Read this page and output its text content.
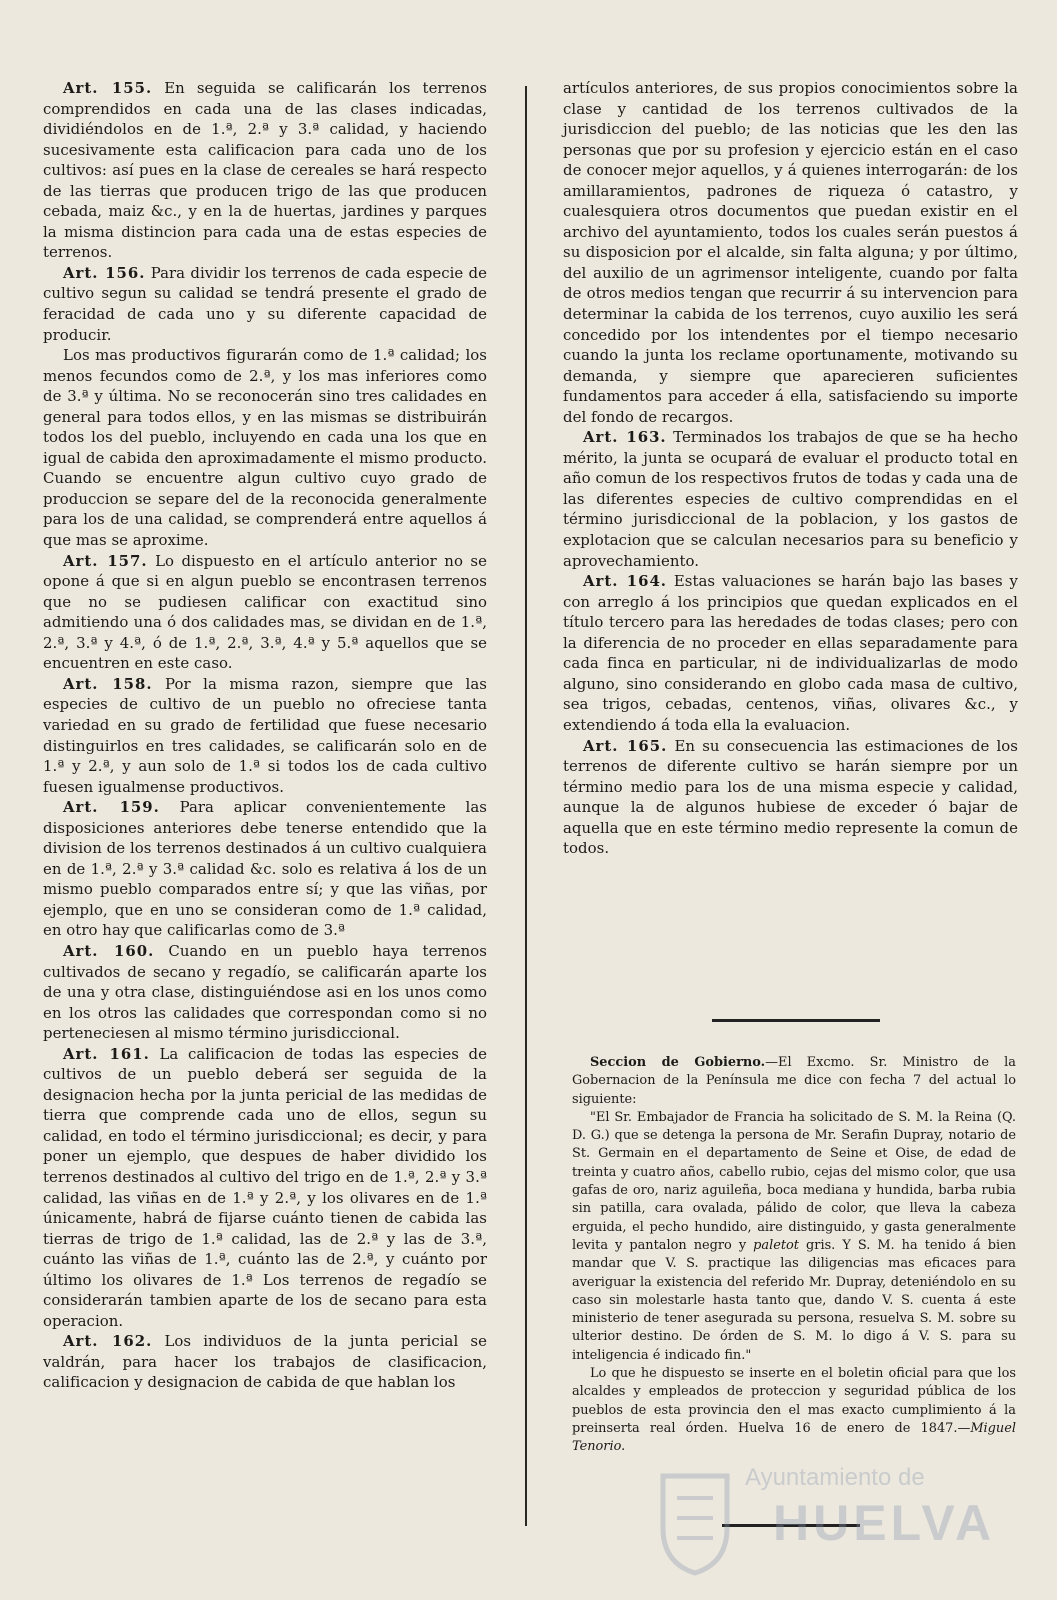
Art. 155. En seguida se calificarán los terrenos comprendidos en cada una de las clases indicadas, dividiéndolos en de 1.ª, 2.ª y 3.ª calidad, y haciendo sucesivamente esta calificacion para cada uno de los cultivos: así pues en la clase de cereales se hará respecto de las tierras que producen trigo de las que producen cebada, maiz &c., y en la de huertas, jardines y parques la misma distincion para cada una de estas especies de terrenos.

Art. 156. Para dividir los terrenos de cada especie de cultivo segun su calidad se tendrá presente el grado de feracidad de cada uno y su diferente capacidad de producir.

Los mas productivos figurarán como de 1.ª calidad; los menos fecundos como de 2.ª, y los mas inferiores como de 3.ª y última. No se reconocerán sino tres calidades en general para todos ellos, y en las mismas se distribuirán todos los del pueblo, incluyendo en cada una los que en igual de cabida den aproximadamente el mismo producto. Cuando se encuentre algun cultivo cuyo grado de produccion se separe del de la reconocida generalmente para los de una calidad, se comprenderá entre aquellos á que mas se aproxime.

Art. 157. Lo dispuesto en el artículo anterior no se opone á que si en algun pueblo se encontrasen terrenos que no se pudiesen calificar con exactitud sino admitiendo una ó dos calidades mas, se dividan en de 1.ª, 2.ª, 3.ª y 4.ª, ó de 1.ª, 2.ª, 3.ª, 4.ª y 5.ª aquellos que se encuentren en este caso.

Art. 158. Por la misma razon, siempre que las especies de cultivo de un pueblo no ofreciese tanta variedad en su grado de fertilidad que fuese necesario distinguirlos en tres calidades, se calificarán solo en de 1.ª y 2.ª, y aun solo de 1.ª si todos los de cada cultivo fuesen igualmense productivos.

Art. 159. Para aplicar convenientemente las disposiciones anteriores debe tenerse entendido que la division de los terrenos destinados á un cultivo cualquiera en de 1.ª, 2.ª y 3.ª calidad &c. solo es relativa á los de un mismo pueblo comparados entre sí; y que las viñas, por ejemplo, que en uno se consideran como de 1.ª calidad, en otro hay que calificarlas como de 3.ª

Art. 160. Cuando en un pueblo haya terrenos cultivados de secano y regadío, se calificarán aparte los de una y otra clase, distinguiéndose asi en los unos como en los otros las calidades que correspondan como si no perteneciesen al mismo término jurisdiccional.

Art. 161. La calificacion de todas las especies de cultivos de un pueblo deberá ser seguida de la designacion hecha por la junta pericial de las medidas de tierra que comprende cada uno de ellos, segun su calidad, en todo el término jurisdiccional; es decir, y para poner un ejemplo, que despues de haber dividido los terrenos destinados al cultivo del trigo en de 1.ª, 2.ª y 3.ª calidad, las viñas en de 1.ª y 2.ª, y los olivares en de 1.ª únicamente, habrá de fijarse cuánto tienen de cabida las tierras de trigo de 1.ª calidad, las de 2.ª y las de 3.ª, cuánto las viñas de 1.ª, cuánto las de 2.ª, y cuánto por último los olivares de 1.ª Los terrenos de regadío se considerarán tambien aparte de los de secano para esta operacion.

Art. 162. Los individuos de la junta pericial se valdrán, para hacer los trabajos de clasificacion, calificacion y designacion de cabida de que hablan los

artículos anteriores, de sus propios conocimientos sobre la clase y cantidad de los terrenos cultivados de la jurisdiccion del pueblo; de las noticias que les den las personas que por su profesion y ejercicio están en el caso de conocer mejor aquellos, y á quienes interrogarán: de los amillaramientos, padrones de riqueza ó catastro, y cualesquiera otros documentos que puedan existir en el archivo del ayuntamiento, todos los cuales serán puestos á su disposicion por el alcalde, sin falta alguna; y por último, del auxilio de un agrimensor inteligente, cuando por falta de otros medios tengan que recurrir á su intervencion para determinar la cabida de los terrenos, cuyo auxilio les será concedido por los intendentes por el tiempo necesario cuando la junta los reclame oportunamente, motivando su demanda, y siempre que aparecieren suficientes fundamentos para acceder á ella, satisfaciendo su importe del fondo de recargos.

Art. 163. Terminados los trabajos de que se ha hecho mérito, la junta se ocupará de evaluar el producto total en año comun de los respectivos frutos de todas y cada una de las diferentes especies de cultivo comprendidas en el término jurisdiccional de la poblacion, y los gastos de explotacion que se calculan necesarios para su beneficio y aprovechamiento.

Art. 164. Estas valuaciones se harán bajo las bases y con arreglo á los principios que quedan explicados en el título tercero para las heredades de todas clases; pero con la diferencia de no proceder en ellas separadamente para cada finca en particular, ni de individualizarlas de modo alguno, sino considerando en globo cada masa de cultivo, sea trigos, cebadas, centenos, viñas, olivares &c., y extendiendo á toda ella la evaluacion.

Art. 165. En su consecuencia las estimaciones de los terrenos de diferente cultivo se harán siempre por un término medio para los de una misma especie y calidad, aunque la de algunos hubiese de exceder ó bajar de aquella que en este término medio represente la comun de todos.

Seccion de Gobierno.—El Excmo. Sr. Ministro de la Gobernacion de la Península me dice con fecha 7 del actual lo siguiente:

"El Sr. Embajador de Francia ha solicitado de S. M. la Reina (Q. D. G.) que se detenga la persona de Mr. Serafin Dupray, notario de St. Germain en el departamento de Seine et Oise, de edad de treinta y cuatro años, cabello rubio, cejas del mismo color, que usa gafas de oro, nariz aguileña, boca mediana y hundida, barba rubia sin patilla, cara ovalada, pálido de color, que lleva la cabeza erguida, el pecho hundido, aire distinguido, y gasta generalmente levita y pantalon negro y paletot gris. Y S. M. ha tenido á bien mandar que V. S. practique las diligencias mas eficaces para averiguar la existencia del referido Mr. Dupray, deteniéndolo en su caso sin molestarle hasta tanto que, dando V. S. cuenta á este ministerio de tener asegurada su persona, resuelva S. M. sobre su ulterior destino. De órden de S. M. lo digo á V. S. para su inteligencia é indicado fin."

Lo que he dispuesto se inserte en el boletin oficial para que los alcaldes y empleados de proteccion y seguridad pública de los pueblos de esta provincia den el mas exacto cumplimiento á la preinserta real órden. Huelva 16 de enero de 1847.—Miguel Tenorio.

Ayuntamiento de
HUELVA
